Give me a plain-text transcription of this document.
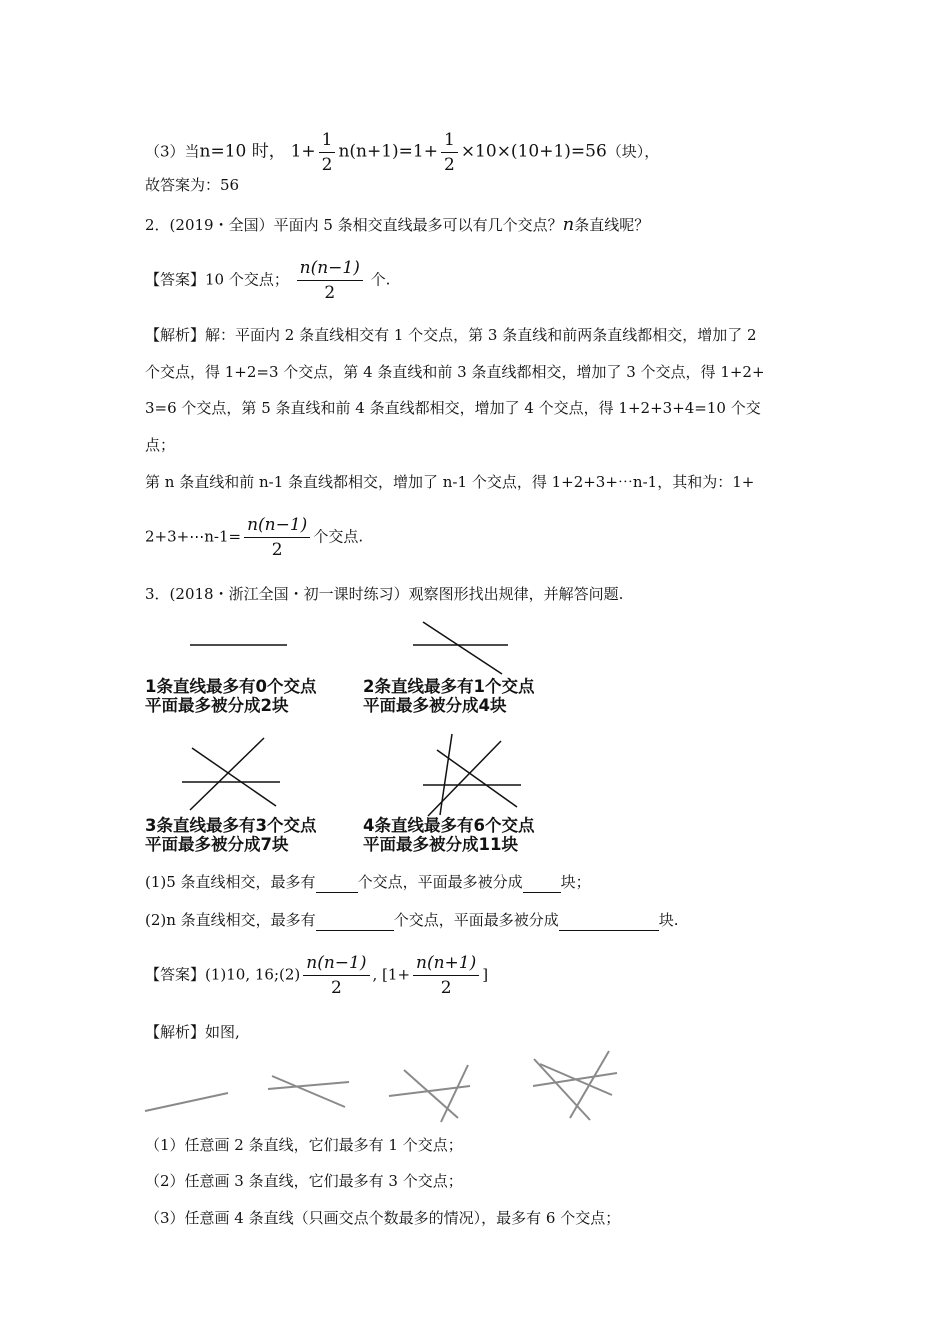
（3）当n=10 时， $1+ \frac{1}{2} n(n+1)=1+ \frac{1}{2} \times 10\times(10+1)=56$（块），
故答案为：56
2．(2019・全国）平面内 5 条相交直线最多可以有几个交点？n条直线呢？
【答案】10 个交点； $\frac{n(n-1)}{2}$ 个.
【解析】解：平面内 2 条直线相交有 1 个交点，第 3 条直线和前两条直线都相交，增加了 2
个交点，得 1+2=3 个交点，第 4 条直线和前 3 条直线都相交，增加了 3 个交点，得 1+2+
3=6 个交点，第 5 条直线和前 4 条直线都相交，增加了 4 个交点，得 1+2+3+4=10 个交
点；
第 n 条直线和前 n-1 条直线都相交，增加了 n-1 个交点，得 1+2+3+⋯n-1，其和为：1+
2+3+⋯n-1= $\frac{n(n-1)}{2}$ 个交点.
3．(2018・浙江全国・初一课时练习）观察图形找出规律，并解答问题.
1条直线最多有0个交点
平面最多被分成2块
2条直线最多有1个交点
平面最多被分成4块
3条直线最多有3个交点
平面最多被分成7块
4条直线最多有6个交点
平面最多被分成11块
(1)5 条直线相交，最多有	个交点，平面最多被分成	块；
(2)n 条直线相交，最多有	个交点，平面最多被分成	块.
【答案】(1)10, 16;(2) $\frac{n(n-1)}{2}$ , [$1+ \frac{n(n+1)}{2}$ ]
【解析】如图,
（1）任意画 2 条直线，它们最多有 1 个交点；
（2）任意画 3 条直线，它们最多有 3 个交点；
（3）任意画 4 条直线（只画交点个数最多的情况），最多有 6 个交点；
